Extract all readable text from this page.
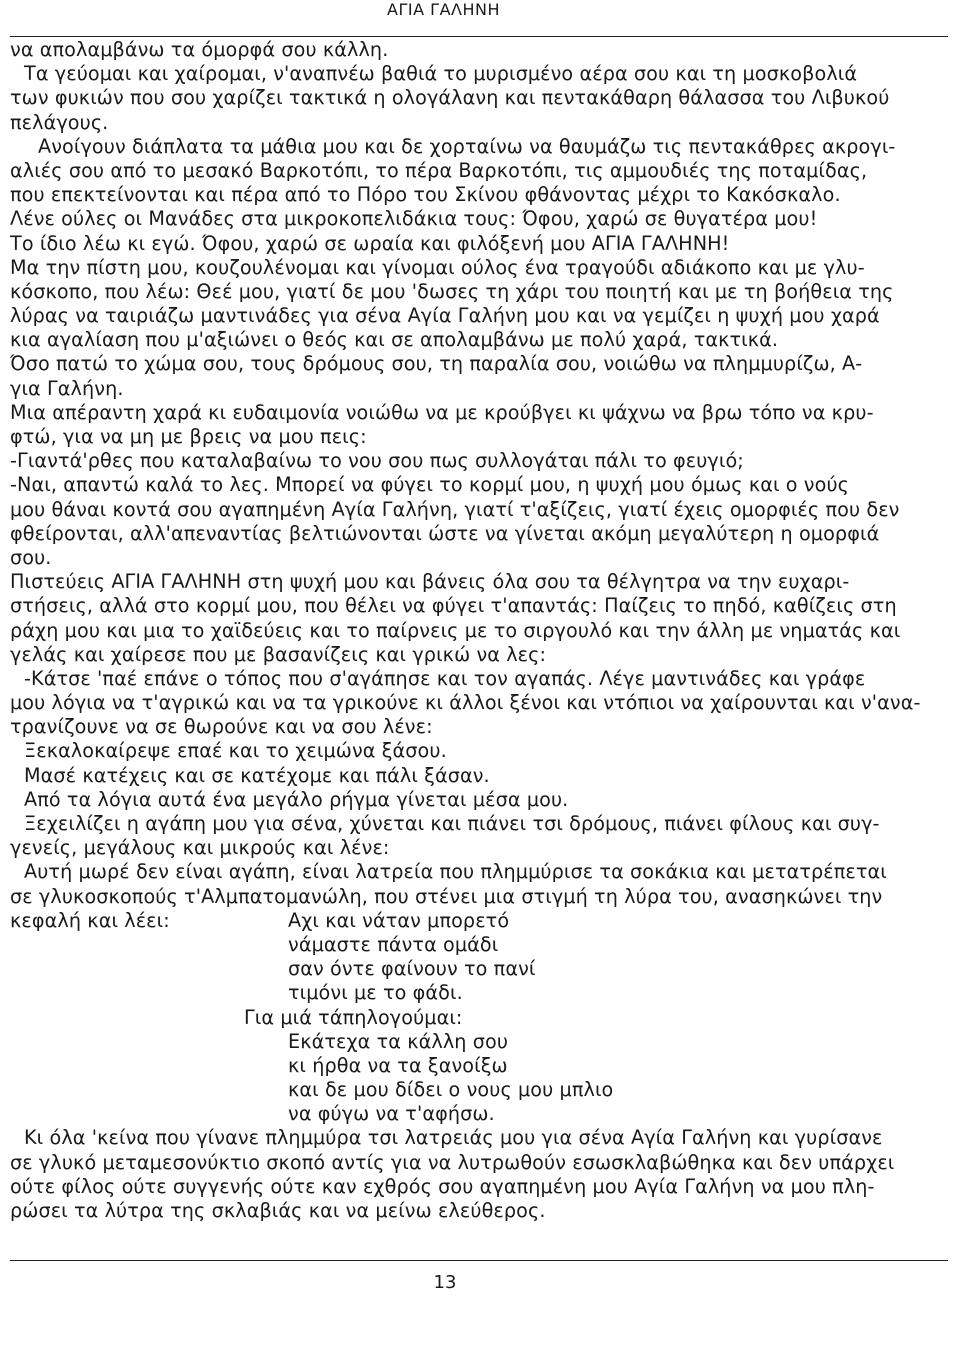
ΑΓΙΑ ΓΑΛΗΝΗ
να απολαμβάνω τα όμορφά σου κάλλη.
Τα γεύομαι και χαίρομαι, ν'αναπνέω βαθιά το μυρισμένο αέρα σου και τη μοσκοβολιά
των φυκιών που σου χαρίζει τακτικά η ολογάλανη και πεντακάθαρη θάλασσα του Λιβυκού
πελάγους.
Ανοίγουν διάπλατα τα μάθια μου και δε χορταίνω να θαυμάζω τις πεντακάθρες ακρογι-
αλιές σου από το μεσακό Βαρκοτόπι, το πέρα Βαρκοτόπι, τις αμμουδιές της ποταμίδας,
που επεκτείνονται και πέρα από το Πόρο του Σκίνου φθάνοντας μέχρι το Κακόσκαλο.
Λένε ούλες οι Μανάδες στα μικροκοπελιδάκια τους: Όφου, χαρώ σε θυγατέρα μου!
Το ίδιο λέω κι εγώ. Όφου, χαρώ σε ωραία και φιλόξενή μου ΑΓΙΑ ΓΑΛΗΝΗ!
Μα την πίστη μου, κουζουλένομαι και γίνομαι ούλος ένα τραγούδι αδιάκοπο και με γλυ-
κόσκοπο, που λέω: Θεέ μου, γιατί δε μου 'δωσες τη χάρι του ποιητή και με τη βοήθεια της
λύρας να ταιριάζω μαντινάδες για σένα Αγία Γαλήνη μου και να γεμίζει η ψυχή μου χαρά
κια αγαλίαση που μ'αξιώνει ο θεός και σε απολαμβάνω με πολύ χαρά, τακτικά.
Όσο πατώ το χώμα σου, τους δρόμους σου, τη παραλία σου, νοιώθω να πλημμυρίζω, Α-
για Γαλήνη.
Μια απέραντη χαρά κι ευδαιμονία νοιώθω να με κρούβγει κι ψάχνω να βρω τόπο να κρυ-
φτώ, για να μη με βρεις να μου πεις:
-Γιαντά'ρθες που καταλαβαίνω το νου σου πως συλλογάται πάλι το φευγιό;
-Ναι, απαντώ καλά το λες. Μπορεί να φύγει το κορμί μου, η ψυχή μου όμως και ο νούς
μου θάναι κοντά σου αγαπημένη Αγία Γαλήνη, γιατί τ'αξίζεις, γιατί έχεις ομορφιές που δεν
φθείρονται, αλλ'απεναντίας βελτιώνονται ώστε να γίνεται ακόμη μεγαλύτερη η ομορφιά
σου.
Πιστεύεις ΑΓΙΑ ΓΑΛΗΝΗ στη ψυχή μου και βάνεις όλα σου τα θέλγητρα να την ευχαρι-
στήσεις, αλλά στο κορμί μου, που θέλει να φύγει τ'απαντάς: Παίζεις το πηδό, καθίζεις στη
ράχη μου και μια το χαϊδεύεις και το παίρνεις με το σιργουλό και την άλλη με νηματάς και
γελάς και χαίρεσε που με βασανίζεις και γρικώ να λες:
-Κάτσε 'παέ επάνε ο τόπος που σ'αγάπησε και τον αγαπάς. Λέγε μαντινάδες και γράφε
μου λόγια να τ'αγρικώ και να τα γρικούνε κι άλλοι ξένοι και ντόπιοι να χαίρουνται και ν'ανα-
τρανίζουνε να σε θωρούνε και να σου λένε:
Ξεκαλοκαίρεψε επαέ και το χειμώνα ξάσου.
Μασέ κατέχεις και σε κατέχομε και πάλι ξάσαν.
Από τα λόγια αυτά ένα μεγάλο ρήγμα γίνεται μέσα μου.
Ξεχειλίζει η αγάπη μου για σένα, χύνεται και πιάνει τσι δρόμους, πιάνει φίλους και συγ-
γενείς, μεγάλους και μικρούς και λένε:
Αυτή μωρέ δεν είναι αγάπη, είναι λατρεία που πλημμύρισε τα σοκάκια και μετατρέπεται
σε γλυκοσκοπούς τ'Αλμπατομανώλη, που στένει μια στιγμή τη λύρα του, ανασηκώνει την
κεφαλή και λέει:	Αχι και νάταν μπορετό
νάμαστε πάντα ομάδι
σαν όντε φαίνουν το πανί
τιμόνι με το φάδι.
Για μιά τάπηλογούμαι:
Εκάτεχα τα κάλλη σου
κι ήρθα να τα ξανοίξω
και δε μου δίδει ο νους μου μπλιο
να φύγω να τ'αφήσω.
Κι όλα 'κείνα που γίνανε πλημμύρα τσι λατρειάς μου για σένα Αγία Γαλήνη και γυρίσανε
σε γλυκό μεταμεσονύκτιο σκοπό αντίς για να λυτρωθούν εσωσκλαβώθηκα και δεν υπάρχει
ούτε φίλος ούτε συγγενής ούτε καν εχθρός σου αγαπημένη μου Αγία Γαλήνη να μου πλη-
ρώσει τα λύτρα της σκλαβιάς και να μείνω ελεύθερος.
13
